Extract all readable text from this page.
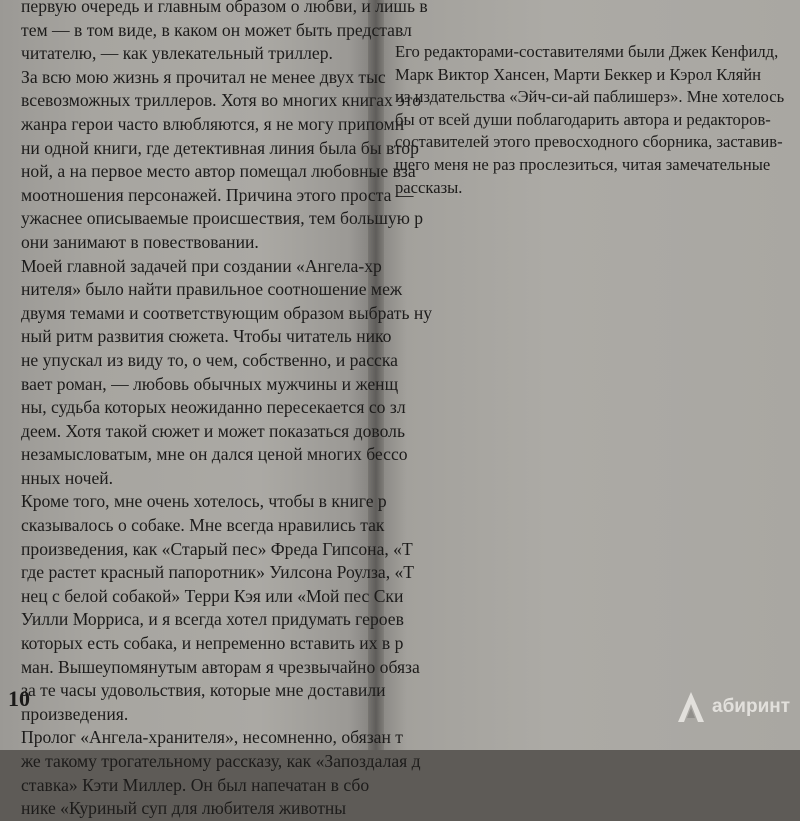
первую очередь и главным образом о любви, и лишь в
тем — в том виде, в каком он может быть представл
читателю, — как увлекательный триллер.
За всю мою жизнь я прочитал не менее двух тыс
всевозможных триллеров. Хотя во многих книгах это
жанра герои часто влюбляются, я не могу припомн
ни одной книги, где детективная линия была бы втор
ной, а на первое место автор помещал любовные вза
моотношения персонажей. Причина этого проста —
ужаснее описываемые происшествия, тем большую р
они занимают в повествовании.
Моей главной задачей при создании «Ангела-хр
нителя» было найти правильное соотношение меж
двумя темами и соответствующим образом выбрать ну
ный ритм развития сюжета. Чтобы читатель нико
не упускал из виду то, о чем, собственно, и расска
вает роман, — любовь обычных мужчины и женщ
ны, судьба которых неожиданно пересекается со зл
деем. Хотя такой сюжет и может показаться доволь
незамысловатым, мне он дался ценой многих бессо
нных ночей.
Кроме того, мне очень хотелось, чтобы в книге р
сказывалось о собаке. Мне всегда нравились так
произведения, как «Старый пес» Фреда Гипсона, «Т
где растет красный папоротник» Уилсона Роулза, «Т
нец с белой собакой» Терри Кэя или «Мой пес Ски
Уилли Морриса, и я всегда хотел придумать героев
которых есть собака, и непременно вставить их в р
ман. Вышеупомянутым авторам я чрезвычайно обяза
за те часы удовольствия, которые мне доставили
произведения.
Пролог «Ангела-хранителя», несомненно, обязан т
же такому трогательному рассказу, как «Запоздалая д
ставка» Кэти Миллер. Он был напечатан в сбо
нике «Куриный суп для любителя животны
Его редакторами-составителями были Джек Кенфилд,
Марк Виктор Хансен, Марти Беккер и Кэрол Кляйн
из издательства «Эйч-си-ай паблишерз». Мне хотелось
бы от всей души поблагодарить автора и редакторов-
составителей этого превосходного сборника, заставив-
шего меня не раз прослезиться, читая замечательные
рассказы.
10	абиринт
